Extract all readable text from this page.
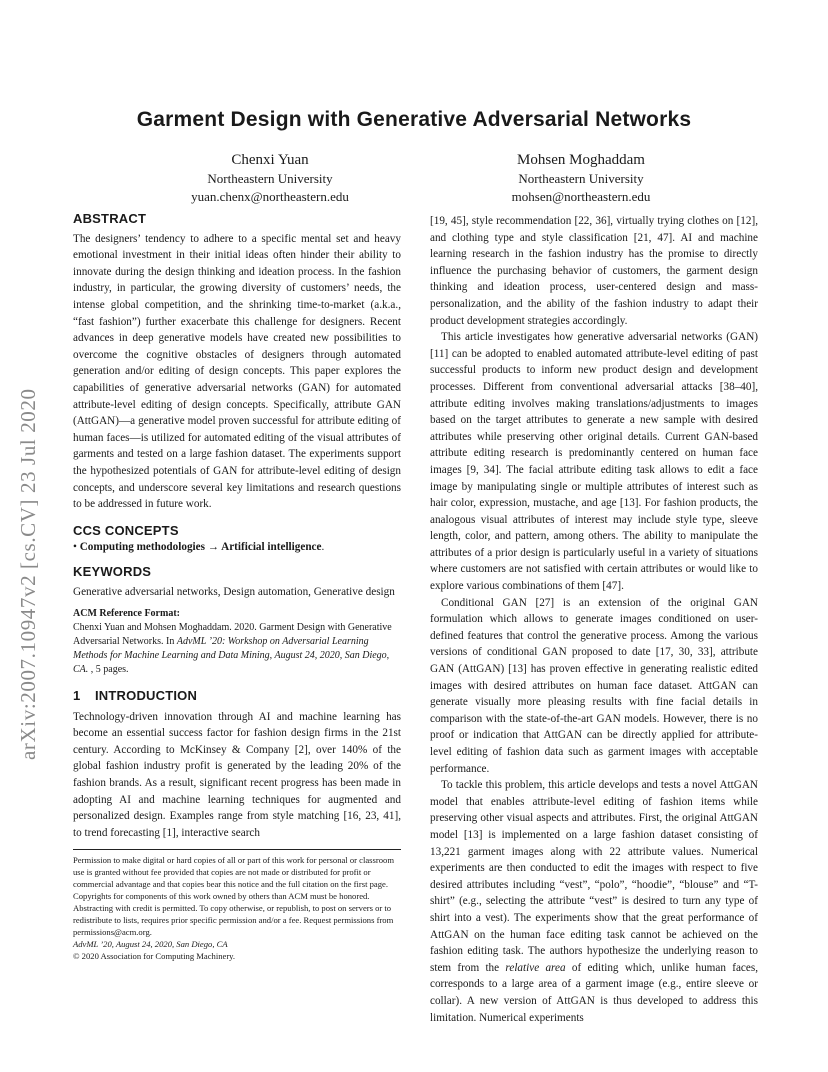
arXiv:2007.10947v2 [cs.CV] 23 Jul 2020
Garment Design with Generative Adversarial Networks
Chenxi Yuan
Northeastern University
yuan.chenx@northeastern.edu
Mohsen Moghaddam
Northeastern University
mohsen@northeastern.edu
ABSTRACT

The designers’ tendency to adhere to a specific mental set and heavy emotional investment in their initial ideas often hinder their ability to innovate during the design thinking and ideation process. In the fashion industry, in particular, the growing diversity of customers’ needs, the intense global competition, and the shrinking time-to-market (a.k.a., “fast fashion”) further exacerbate this challenge for designers. Recent advances in deep generative models have created new possibilities to overcome the cognitive obstacles of designers through automated generation and/or editing of design concepts. This paper explores the capabilities of generative adversarial networks (GAN) for automated attribute-level editing of design concepts. Specifically, attribute GAN (AttGAN)—a generative model proven successful for attribute editing of human faces—is utilized for automated editing of the visual attributes of garments and tested on a large fashion dataset. The experiments support the hypothesized potentials of GAN for attribute-level editing of design concepts, and underscore several key limitations and research questions to be addressed in future work.

CCS CONCEPTS

• Computing methodologies → Artificial intelligence.

KEYWORDS

Generative adversarial networks, Design automation, Generative design

ACM Reference Format:

Chenxi Yuan and Mohsen Moghaddam. 2020. Garment Design with Generative Adversarial Networks. In AdvML ’20: Workshop on Adversarial Learning Methods for Machine Learning and Data Mining, August 24, 2020, San Diego, CA. , 5 pages.

1 INTRODUCTION

Technology-driven innovation through AI and machine learning has become an essential success factor for fashion design firms in the 21st century. According to McKinsey & Company [2], over 140% of the global fashion industry profit is generated by the leading 20% of the fashion brands. As a result, significant recent progress has been made in adopting AI and machine learning techniques for augmented and personalized design. Examples range from style matching [16, 23, 41], to trend forecasting [1], interactive search

Permission to make digital or hard copies of all or part of this work for personal or classroom use is granted without fee provided that copies are not made or distributed for profit or commercial advantage and that copies bear this notice and the full citation on the first page. Copyrights for components of this work owned by others than ACM must be honored. Abstracting with credit is permitted. To copy otherwise, or republish, to post on servers or to redistribute to lists, requires prior specific permission and/or a fee. Request permissions from permissions@acm.org.

AdvML ’20, August 24, 2020, San Diego, CA

© 2020 Association for Computing Machinery.

[19, 45], style recommendation [22, 36], virtually trying clothes on [12], and clothing type and style classification [21, 47]. AI and machine learning research in the fashion industry has the promise to directly influence the purchasing behavior of customers, the garment design thinking and ideation process, user-centered design and mass-personalization, and the ability of the fashion industry to adapt their product development strategies accordingly.

This article investigates how generative adversarial networks (GAN) [11] can be adopted to enabled automated attribute-level editing of past successful products to inform new product design and development processes. Different from conventional adversarial attacks [38–40], attribute editing involves making translations/adjustments to images based on the target attributes to generate a new sample with desired attributes while preserving other original details. Current GAN-based attribute editing research is predominantly centered on human face images [9, 34]. The facial attribute editing task allows to edit a face image by manipulating single or multiple attributes of interest such as hair color, expression, mustache, and age [13]. For fashion products, the analogous visual attributes of interest may include style type, sleeve length, color, and pattern, among others. The ability to manipulate the attributes of a prior design is particularly useful in a variety of situations where customers are not satisfied with certain attributes or would like to explore various combinations of them [47].

Conditional GAN [27] is an extension of the original GAN formulation which allows to generate images conditioned on user-defined features that control the generative process. Among the various versions of conditional GAN proposed to date [17, 30, 33], attribute GAN (AttGAN) [13] has proven effective in generating realistic edited images with desired attributes on human face dataset. AttGAN can generate visually more pleasing results with fine facial details in comparison with the state-of-the-art GAN models. However, there is no proof or indication that AttGAN can be directly applied for attribute-level editing of fashion data such as garment images with acceptable performance.

To tackle this problem, this article develops and tests a novel AttGAN model that enables attribute-level editing of fashion items while preserving other visual aspects and attributes. First, the original AttGAN model [13] is implemented on a large fashion dataset consisting of 13,221 garment images along with 22 attribute values. Numerical experiments are then conducted to edit the images with respect to five desired attributes including “vest”, “polo”, “hoodie”, “blouse” and “T-shirt” (e.g., selecting the attribute “vest” is desired to turn any type of shirt into a vest). The experiments show that the great performance of AttGAN on the human face editing task cannot be achieved on the fashion editing task. The authors hypothesize the underlying reason to stem from the relative area of editing which, unlike human faces, corresponds to a large area of a garment image (e.g., entire sleeve or collar). A new version of AttGAN is thus developed to address this limitation. Numerical experiments
